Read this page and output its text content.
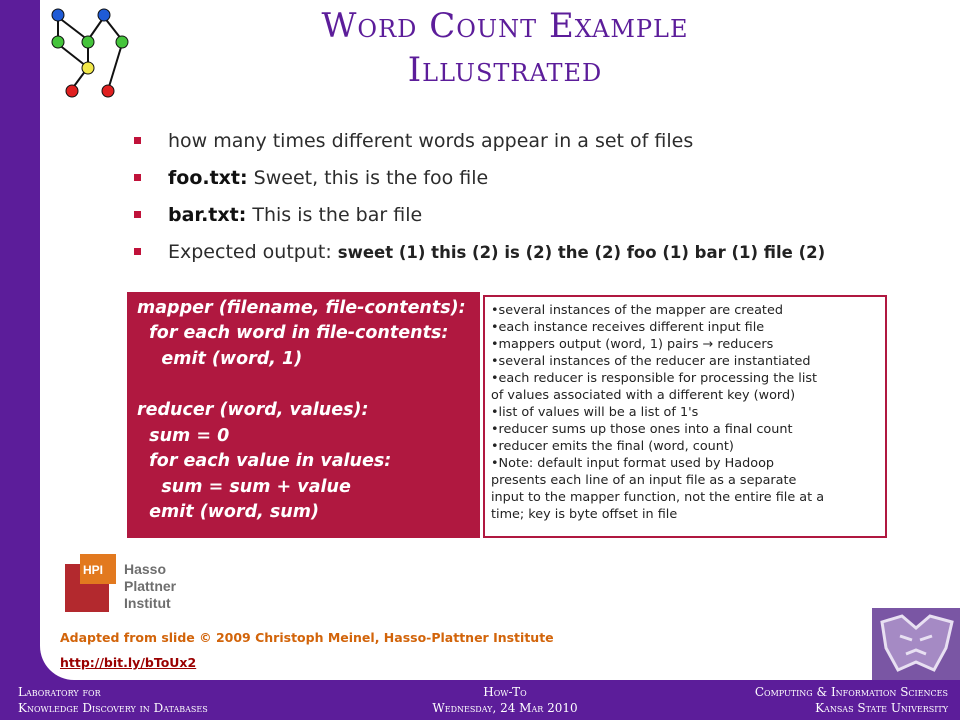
Word Count Example
Illustrated
how many times different words appear in a set of files
foo.txt: Sweet, this is the foo file
bar.txt: This is the bar file
Expected output: sweet (1) this (2) is (2) the (2) foo (1) bar (1) file (2)
mapper (filename, file-contents):
for each word in file-contents:
emit (word, 1)
reducer (word, values):
sum = 0
for each value in values:
sum = sum + value
emit (word, sum)
•several instances of the mapper are created
•each instance receives different input file
•mappers output (word, 1) pairs → reducers
•several instances of the reducer are instantiated
•each reducer is responsible for processing the list
of values associated with a different key (word)
•list of values will be a list of 1's
•reducer sums up those ones into a final count
•reducer emits the final (word, count)
•Note: default input format used by Hadoop
presents each line of an input file as a separate
input to the mapper function, not the entire file at a
time; key is byte offset in file
HPI Hasso
Plattner
Institut
Adapted from slide © 2009 Christoph Meinel, Hasso-Plattner Institute
http://bit.ly/bToUx2
Laboratory for
Knowledge Discovery in Databases
How-To
Wednesday, 24 Mar 2010
Computing & Information Sciences
Kansas State University
